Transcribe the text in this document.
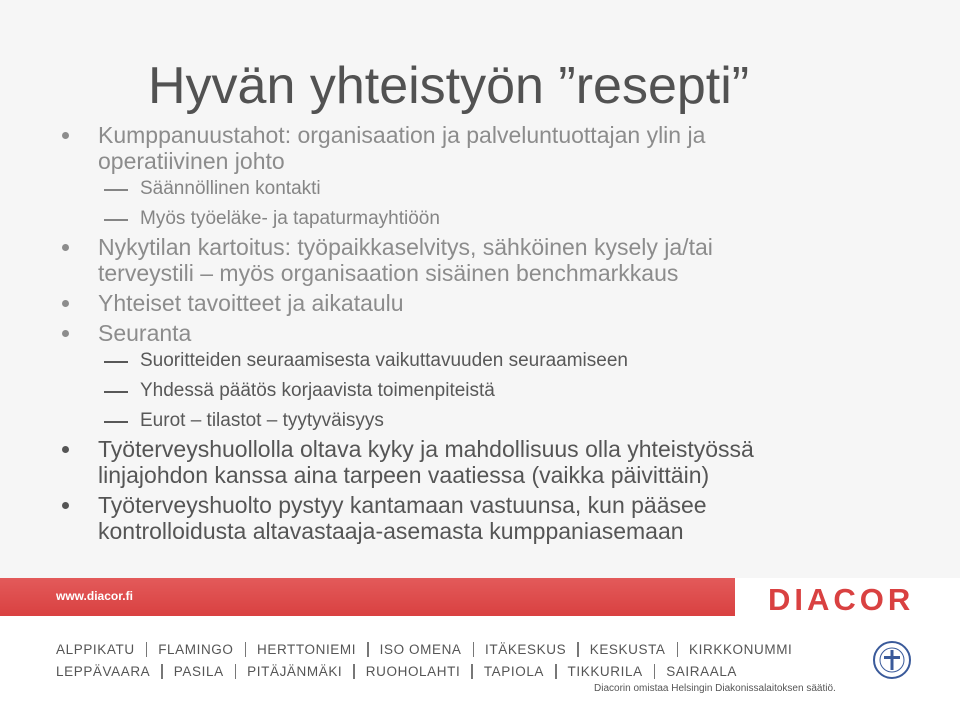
Hyvän yhteistyön ”resepti”
Kumppanuustahot: organisaation ja palveluntuottajan ylin ja
operatiivinen johto
Säännöllinen kontakti
Myös työeläke- ja tapaturmayhtiöön
Nykytilan kartoitus: työpaikkaselvitys, sähköinen kysely ja/tai
terveystili – myös organisaation sisäinen benchmarkkaus
Yhteiset tavoitteet ja aikataulu
Seuranta
Suoritteiden seuraamisesta vaikuttavuuden seuraamiseen
Yhdessä päätös korjaavista toimenpiteistä
Eurot – tilastot – tyytyväisyys
Työterveyshuollolla oltava kyky ja mahdollisuus olla yhteistyössä
linjajohdon kanssa aina tarpeen vaatiessa (vaikka päivittäin)
Työterveyshuolto pystyy kantamaan vastuunsa, kun pääsee
kontrolloidusta altavastaaja-asemasta kumppaniasemaan
www.diacor.fi	DIACOR
ALPPIKATU FLAMINGO HERTTONIEMI ISO OMENA ITÄKESKUS KESKUSTA KIRKKONUMMI
LEPPÄVAARA PASILA PITÄJÄNMÄKI RUOHOLAHTI TAPIOLA TIKKURILA SAIRAALA
Diacorin omistaa Helsingin Diakonissalaitoksen säätiö.
